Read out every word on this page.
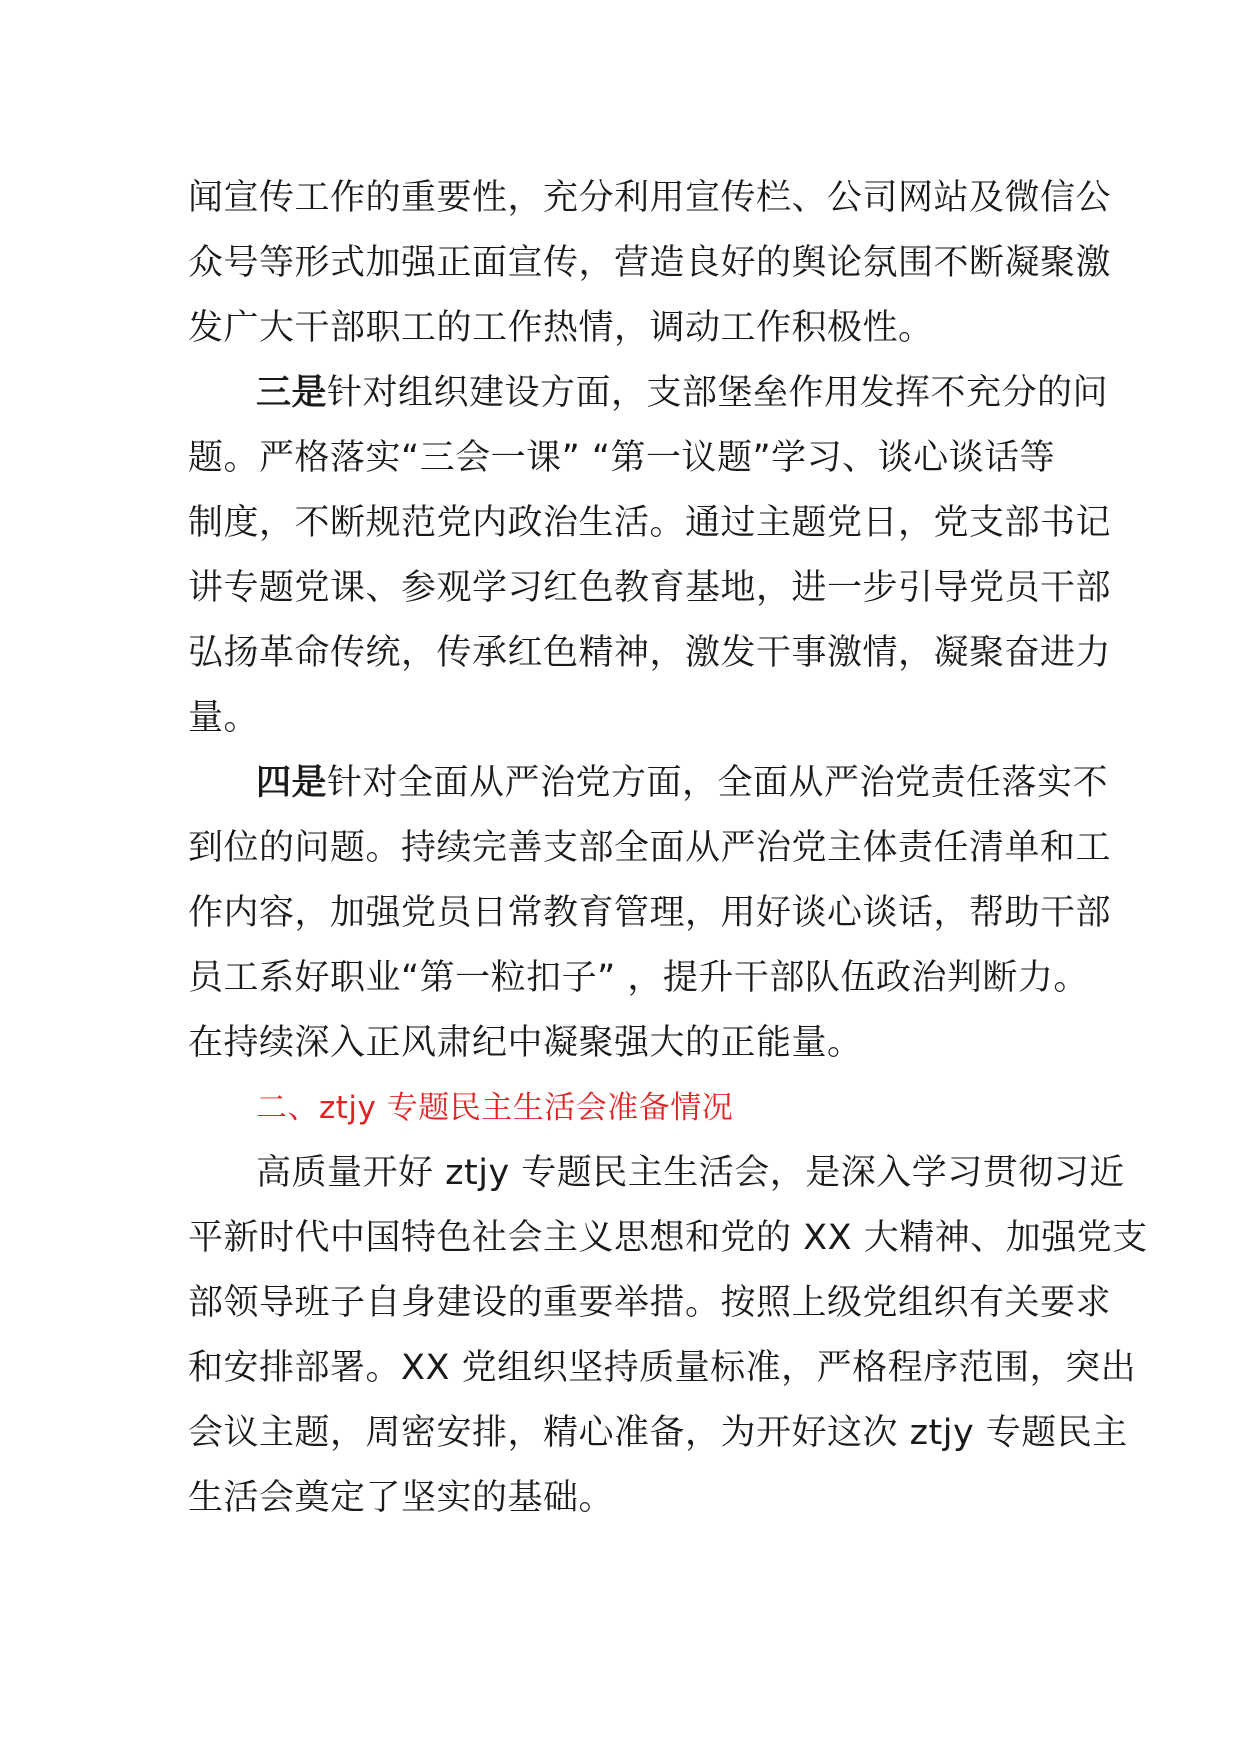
闻宣传工作的重要性，充分利用宣传栏、公司网站及微信公
众号等形式加强正面宣传，营造良好的舆论氛围不断凝聚激
发广大干部职工的工作热情，调动工作积极性。
三是针对组织建设方面，支部堡垒作用发挥不充分的问
题。严格落实“三会一课” “第一议题”学习、谈心谈话等
制度，不断规范党内政治生活。通过主题党日，党支部书记
讲专题党课、参观学习红色教育基地，进一步引导党员干部
弘扬革命传统，传承红色精神，激发干事激情，凝聚奋进力
量。
四是针对全面从严治党方面，全面从严治党责任落实不
到位的问题。持续完善支部全面从严治党主体责任清单和工
作内容，加强党员日常教育管理，用好谈心谈话，帮助干部
员工系好职业“第一粒扣子” ，提升干部队伍政治判断力。
在持续深入正风肃纪中凝聚强大的正能量。
二、ztjy 专题民主生活会准备情况
高质量开好 ztjy 专题民主生活会，是深入学习贯彻习近
平新时代中国特色社会主义思想和党的 XX 大精神、加强党支
部领导班子自身建设的重要举措。按照上级党组织有关要求
和安排部署。XX 党组织坚持质量标准，严格程序范围，突出
会议主题，周密安排，精心准备，为开好这次 ztjy 专题民主
生活会奠定了坚实的基础。
